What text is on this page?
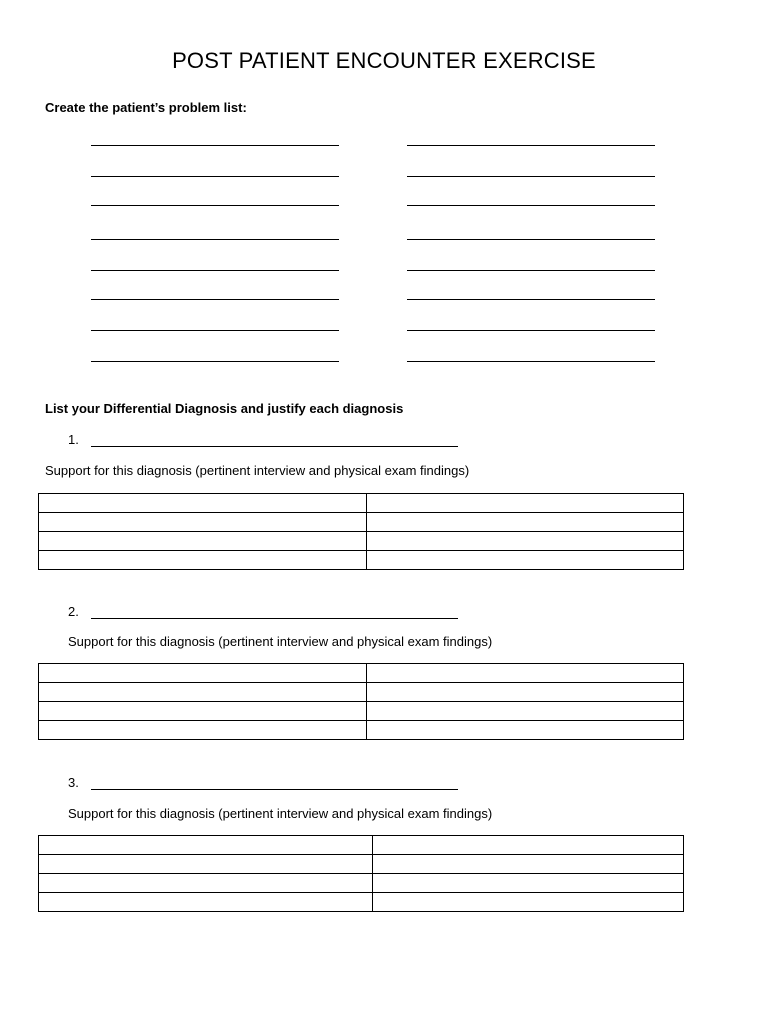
POST PATIENT ENCOUNTER EXERCISE
Create the patient’s problem list:
List your Differential Diagnosis and justify each diagnosis
1.
Support for this diagnosis (pertinent interview and physical exam findings)

2.
Support for this diagnosis (pertinent interview and physical exam findings)

3.
Support for this diagnosis (pertinent interview and physical exam findings)
